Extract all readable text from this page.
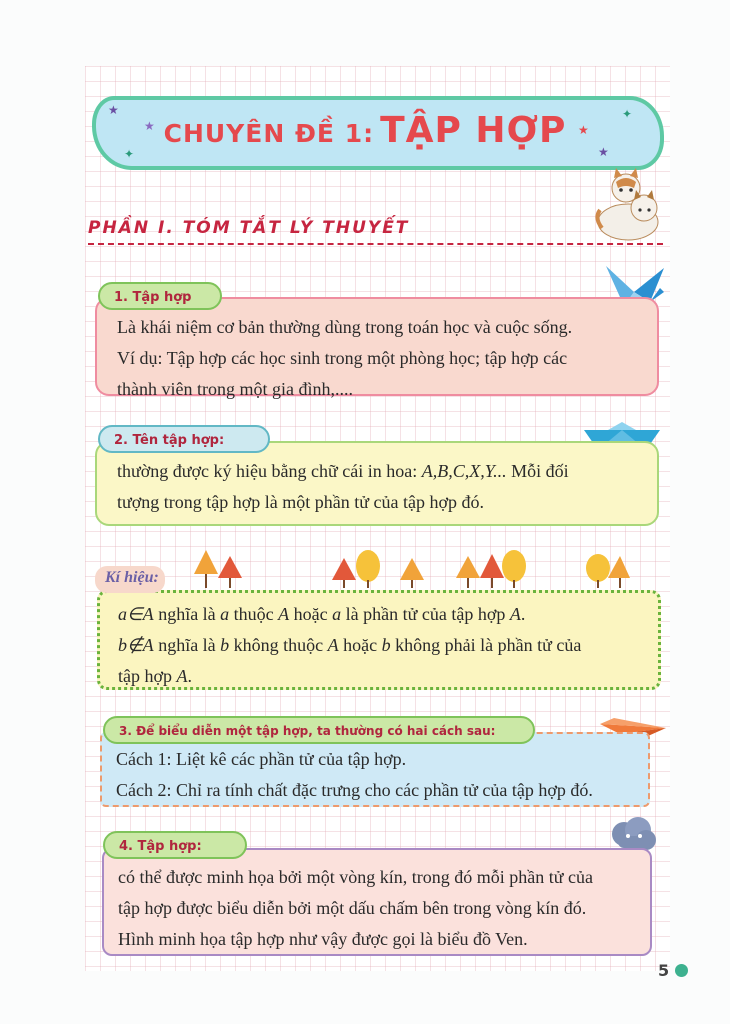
★
★
✦
★
✦
★
CHUYÊN ĐỀ 1: TẬP HỢP
PHẦN I. TÓM TẮT LÝ THUYẾT

Là khái niệm cơ bản thường dùng trong toán học và cuộc sống.

Ví dụ: Tập hợp các học sinh trong một phòng học; tập hợp các

thành viên trong một gia đình,....

1. Tập hợp

thường được ký hiệu bằng chữ cái in hoa: A,B,C,X,Y... Mỗi đối

tượng trong tập hợp là một phần tử của tập hợp đó.

2. Tên tập hợp:

a∈A nghĩa là a thuộc A hoặc a là phần tử của tập hợp A.

b∉A nghĩa là b không thuộc A hoặc b không phải là phần tử của

tập hợp A.

Kí hiệu:

Cách 1: Liệt kê các phần tử của tập hợp.

Cách 2: Chỉ ra tính chất đặc trưng cho các phần tử của tập hợp đó.

3. Để biểu diễn một tập hợp, ta thường có hai cách sau:

có thể được minh họa bởi một vòng kín, trong đó mỗi phần tử của

tập hợp được biểu diễn bởi một dấu chấm bên trong vòng kín đó.

Hình minh họa tập hợp như vậy được gọi là biểu đồ Ven.

4. Tập hợp:
5
